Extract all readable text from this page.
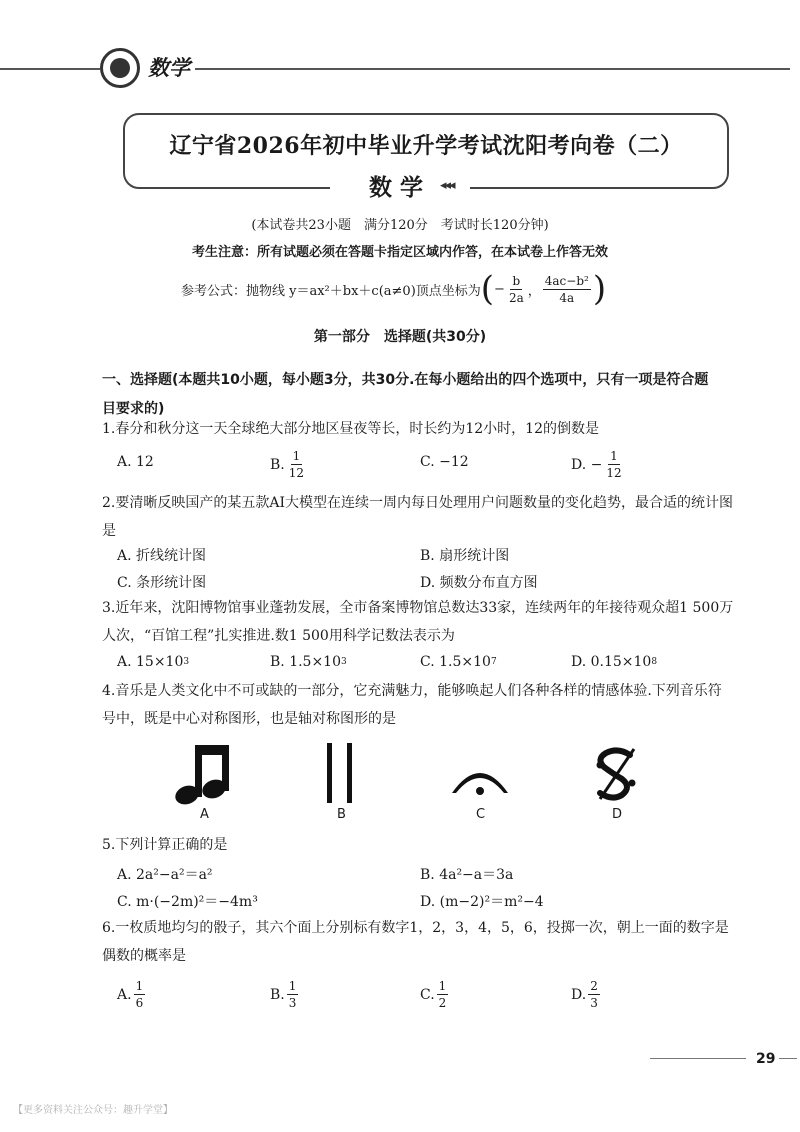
数学
辽宁省2026年初中毕业升学考试沈阳考向卷（二）
数学 ◂◂◂
(本试卷共23小题　满分120分　考试时长120分钟)
考生注意：所有试题必须在答题卡指定区域内作答，在本试卷上作答无效
参考公式：抛物线 y＝ax²＋bx＋c(a≠0)顶点坐标为 ( − $\frac{b}{2a}$ ， $\frac{\text{4ac−b²}}{4a}$ )
第一部分　选择题(共30分)
一、选择题(本题共10小题，每小题3分，共30分.在每小题给出的四个选项中，只有一项是符合题目要求的)
1.春分和秋分这一天全球绝大部分地区昼夜等长，时长约为12小时，12的倒数是
A. 12	B. $\frac{1}{12}$	C. −12	D. − $\frac{1}{12}$
2.要清晰反映国产的某五款AI大模型在连续一周内每日处理用户问题数量的变化趋势，最合适的统计图是
A. 折线统计图	B. 扇形统计图
C. 条形统计图	D. 频数分布直方图
3.近年来，沈阳博物馆事业蓬勃发展，全市备案博物馆总数达33家，连续两年的年接待观众超1 500万人次，“百馆工程”扎实推进.数1 500用科学记数法表示为
A. 15×10 3	B. 1.5×10 3	C. 1.5×10 7	D. 0.15×10 8
4.音乐是人类文化中不可或缺的一部分，它充满魅力，能够唤起人们各种各样的情感体验.下列音乐符号中，既是中心对称图形，也是轴对称图形的是
A	B	C	D
5.下列计算正确的是
A. 2a²−a²＝a²	B. 4a²−a＝3a
C. m·(−2m)²＝−4m³	D. (m−2)²＝m²−4
6.一枚质地均匀的骰子，其六个面上分别标有数字1，2，3，4，5，6，投掷一次，朝上一面的数字是偶数的概率是
A. $\frac{1}{6}$	B. $\frac{1}{3}$	C. $\frac{1}{2}$	D. $\frac{2}{3}$
29
【更多资料关注公众号：趣升学堂】
